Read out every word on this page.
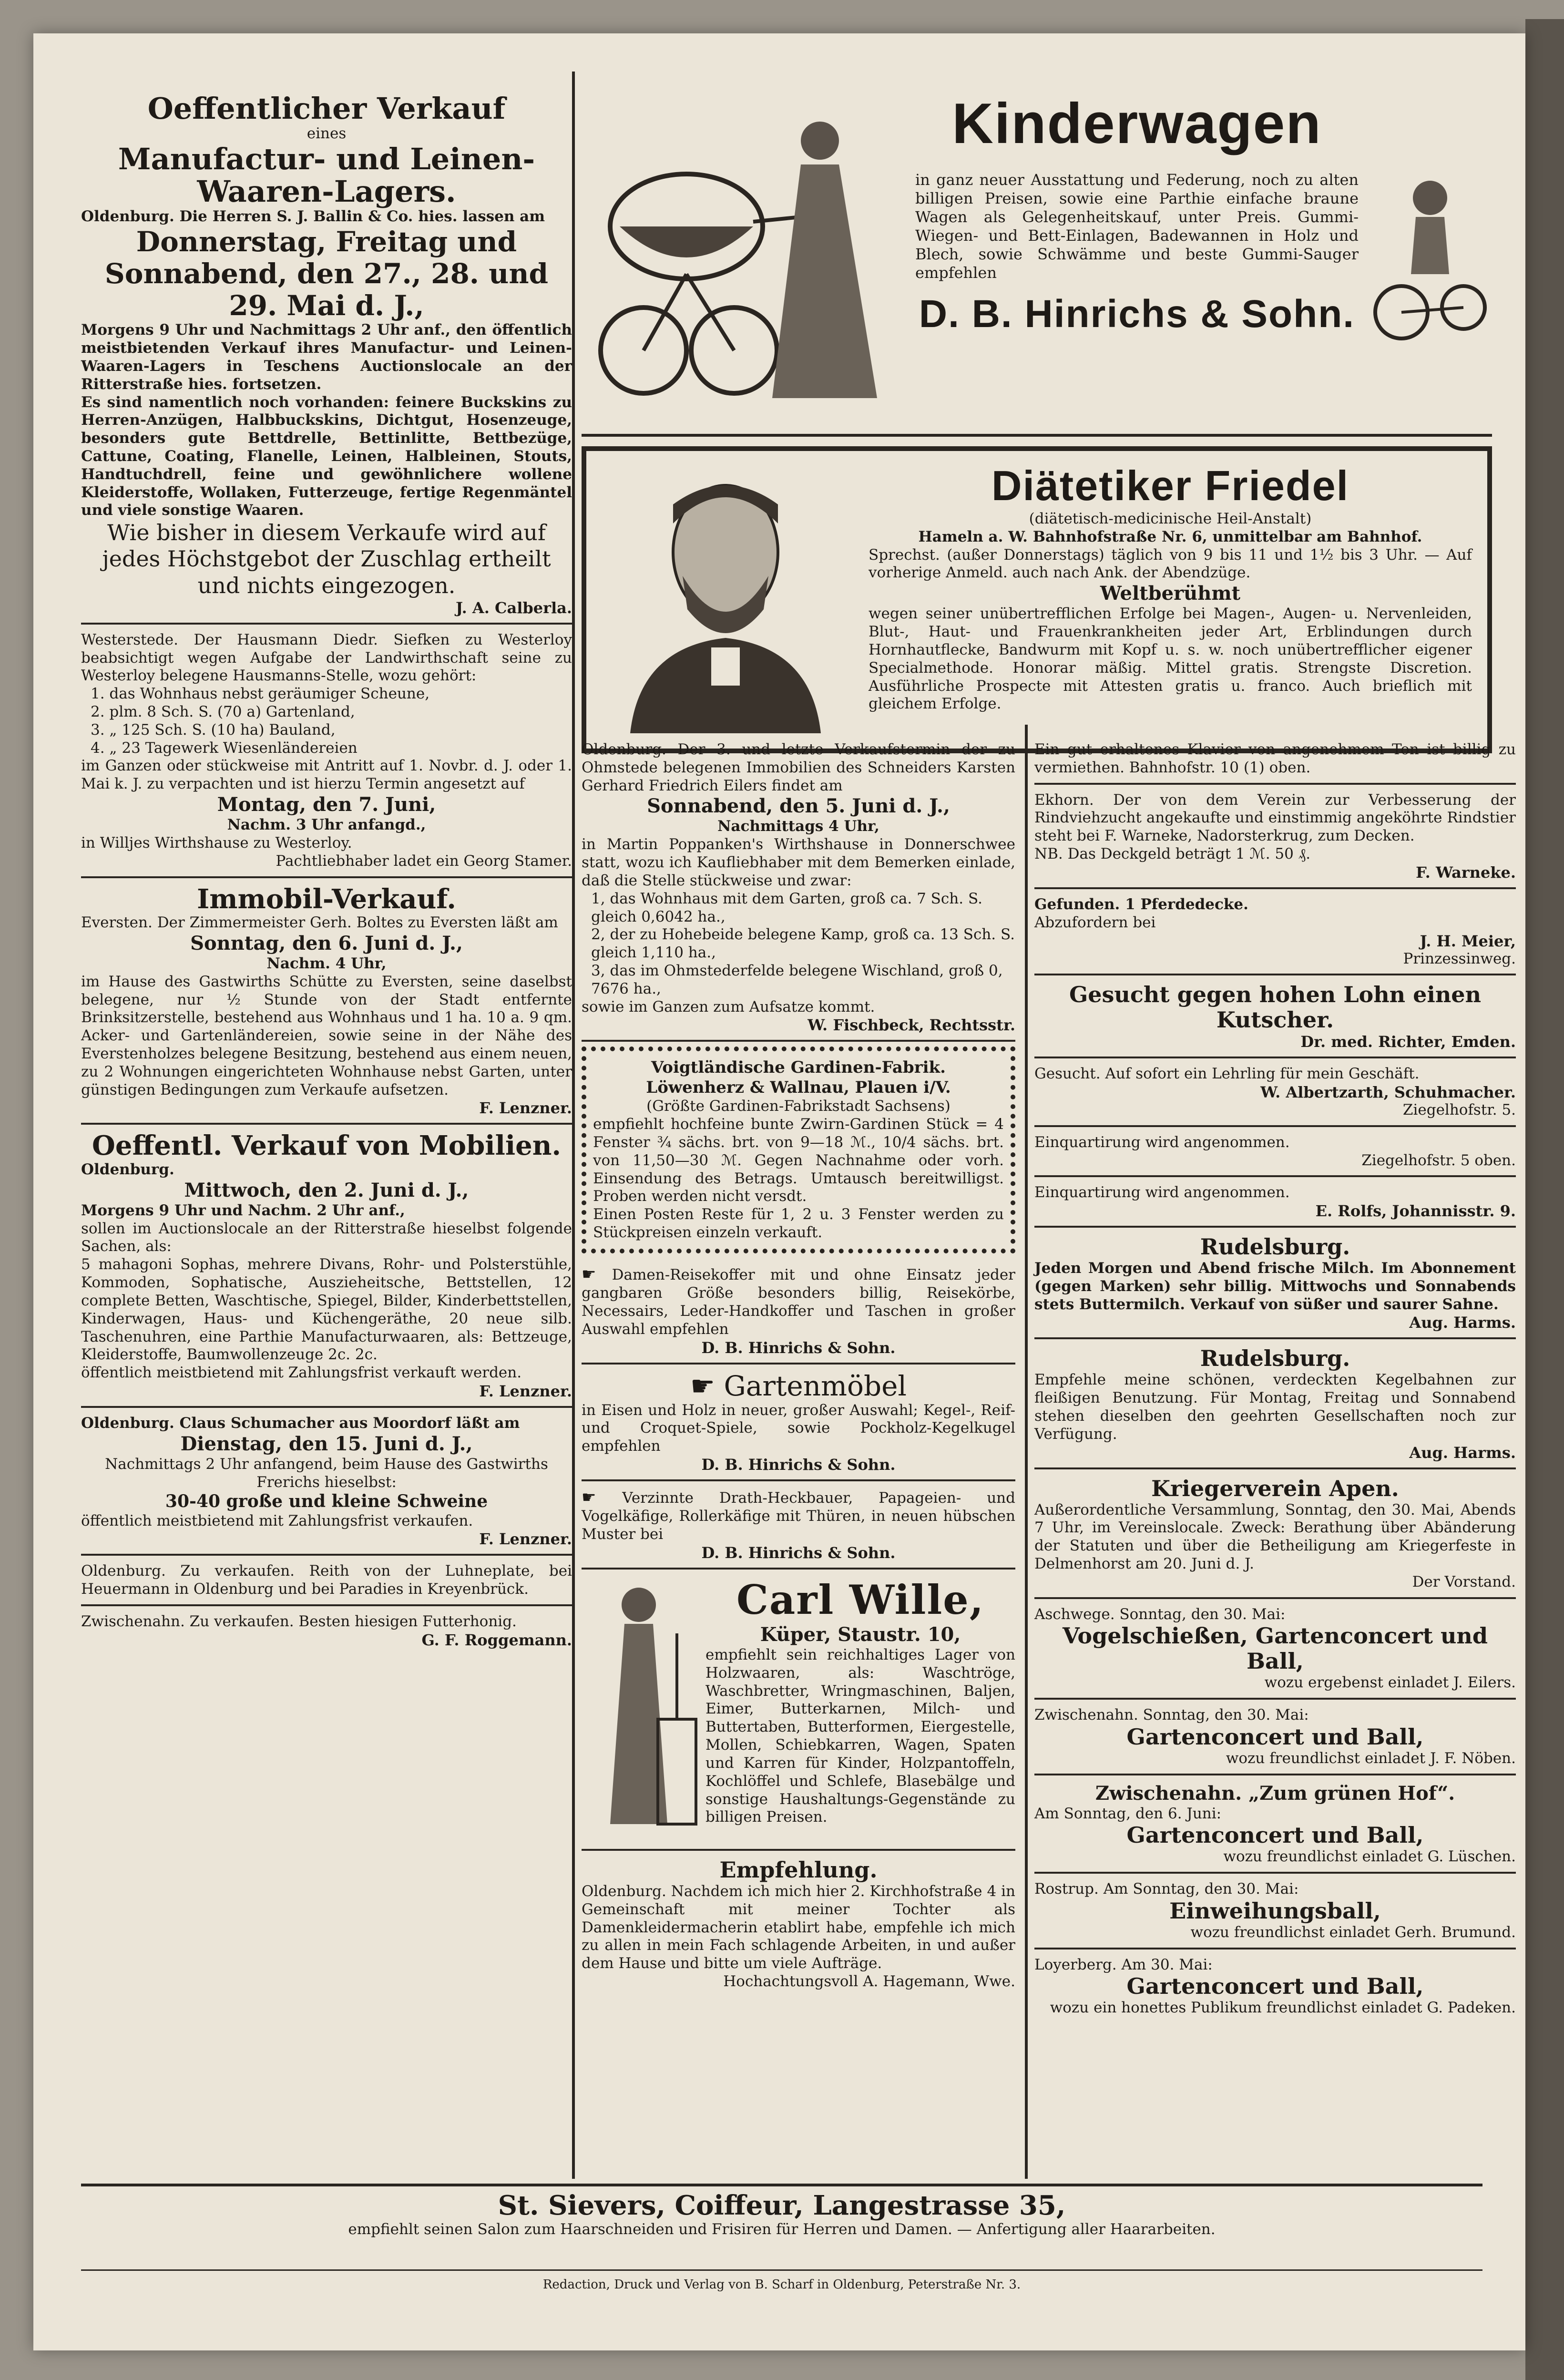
Oeffentlicher Verkauf
eines
Manufactur- und Leinen-Waaren-Lagers.
Oldenburg. Die Herren S. J. Ballin & Co. hies. lassen am
Donnerstag, Freitag und Sonnabend, den 27., 28. und 29. Mai d. J.,
Morgens 9 Uhr und Nachmittags 2 Uhr anf., den öffentlich meistbietenden Verkauf ihres Manufactur- und Leinen-Waaren-Lagers in Teschens Auctionslocale an der Ritterstraße hies. fortsetzen.
Es sind namentlich noch vorhanden: feinere Buckskins zu Herren-Anzügen, Halbbuckskins, Dichtgut, Hosenzeuge, besonders gute Bettdrelle, Bettinlitte, Bettbezüge, Cattune, Coating, Flanelle, Leinen, Halbleinen, Stouts, Handtuchdrell, feine und gewöhnlichere wollene Kleiderstoffe, Wollaken, Futterzeuge, fertige Regenmäntel und viele sonstige Waaren.
Wie bisher in diesem Verkaufe wird auf jedes Höchstgebot der Zuschlag ertheilt und nichts eingezogen.
J. A. Calberla.
Westerstede. Der Hausmann Diedr. Siefken zu Westerloy beabsichtigt wegen Aufgabe der Landwirthschaft seine zu Westerloy belegene Hausmanns-Stelle, wozu gehört:
1. das Wohnhaus nebst geräumiger Scheune,
2. plm. 8 Sch. S. (70 a) Gartenland,
3. „ 125 Sch. S. (10 ha) Bauland,
4. „ 23 Tagewerk Wiesenländereien
im Ganzen oder stückweise mit Antritt auf 1. Novbr. d. J. oder 1. Mai k. J. zu verpachten und ist hierzu Termin angesetzt auf
Montag, den 7. Juni,
Nachm. 3 Uhr anfangd.,
in Willjes Wirthshause zu Westerloy.
Pachtliebhaber ladet ein Georg Stamer.
Immobil-Verkauf.
Eversten. Der Zimmermeister Gerh. Boltes zu Eversten läßt am
Sonntag, den 6. Juni d. J.,
Nachm. 4 Uhr,
im Hause des Gastwirths Schütte zu Eversten, seine daselbst belegene, nur ½ Stunde von der Stadt entfernte Brinksitzerstelle, bestehend aus Wohnhaus und 1 ha. 10 a. 9 qm. Acker- und Gartenländereien, sowie seine in der Nähe des Everstenholzes belegene Besitzung, bestehend aus einem neuen, zu 2 Wohnungen eingerichteten Wohnhause nebst Garten, unter günstigen Bedingungen zum Verkaufe aufsetzen.
F. Lenzner.
Oeffentl. Verkauf von Mobilien.
Oldenburg.
Mittwoch, den 2. Juni d. J.,
Morgens 9 Uhr und Nachm. 2 Uhr anf.,
sollen im Auctionslocale an der Ritterstraße hieselbst folgende Sachen, als:
5 mahagoni Sophas, mehrere Divans, Rohr- und Polsterstühle, Kommoden, Sophatische, Auszieheitsche, Bettstellen, 12 complete Betten, Waschtische, Spiegel, Bilder, Kinderbettstellen, Kinderwagen, Haus- und Küchengeräthe, 20 neue silb. Taschenuhren, eine Parthie Manufacturwaaren, als: Bettzeuge, Kleiderstoffe, Baumwollenzeuge 2c. 2c.
öffentlich meistbietend mit Zahlungsfrist verkauft werden.
F. Lenzner.
Oldenburg. Claus Schumacher aus Moordorf läßt am
Dienstag, den 15. Juni d. J.,
Nachmittags 2 Uhr anfangend, beim Hause des Gastwirths Frerichs hieselbst:
30-40 große und kleine Schweine
öffentlich meistbietend mit Zahlungsfrist verkaufen.
F. Lenzner.
Oldenburg. Zu verkaufen. Reith von der Luhneplate, bei Heuermann in Oldenburg und bei Paradies in Kreyenbrück.
Zwischenahn. Zu verkaufen. Besten hiesigen Futterhonig.
G. F. Roggemann.
Kinderwagen
in ganz neuer Ausstattung und Federung, noch zu alten billigen Preisen, sowie eine Parthie einfache braune Wagen als Gelegenheitskauf, unter Preis. Gummi-Wiegen- und Bett-Einlagen, Badewannen in Holz und Blech, sowie Schwämme und beste Gummi-Sauger empfehlen
D. B. Hinrichs & Sohn.
Diätetiker Friedel
(diätetisch-medicinische Heil-Anstalt)
Hameln a. W. Bahnhofstraße Nr. 6, unmittelbar am Bahnhof.
Sprechst. (außer Donnerstags) täglich von 9 bis 11 und 1½ bis 3 Uhr. — Auf vorherige Anmeld. auch nach Ank. der Abendzüge.
Weltberühmt
wegen seiner unübertrefflichen Erfolge bei Magen-, Augen- u. Nervenleiden, Blut-, Haut- und Frauenkrankheiten jeder Art, Erblindungen durch Hornhautflecke, Bandwurm mit Kopf u. s. w. noch unübertrefflicher eigener Specialmethode. Honorar mäßig. Mittel gratis. Strengste Discretion. Ausführliche Prospecte mit Attesten gratis u. franco. Auch brieflich mit gleichem Erfolge.
Oldenburg. Der 3. und letzte Verkaufstermin der zu Ohmstede belegenen Immobilien des Schneiders Karsten Gerhard Friedrich Eilers findet am
Sonnabend, den 5. Juni d. J.,
Nachmittags 4 Uhr,
in Martin Poppanken's Wirthshause in Donnerschwee statt, wozu ich Kaufliebhaber mit dem Bemerken einlade, daß die Stelle stückweise und zwar:
1, das Wohnhaus mit dem Garten, groß ca. 7 Sch. S. gleich 0,6042 ha.,
2, der zu Hohebeide belegene Kamp, groß ca. 13 Sch. S. gleich 1,110 ha.,
3, das im Ohmstederfelde belegene Wischland, groß 0, 7676 ha.,
sowie im Ganzen zum Aufsatze kommt.
W. Fischbeck, Rechtsstr.
Voigtländische Gardinen-Fabrik.
Löwenherz & Wallnau, Plauen i/V.
(Größte Gardinen-Fabrikstadt Sachsens)
empfiehlt hochfeine bunte Zwirn-Gardinen Stück = 4 Fenster ¾ sächs. brt. von 9—18 ℳ., 10/4 sächs. brt. von 11,50—30 ℳ. Gegen Nachnahme oder vorh. Einsendung des Betrags. Umtausch bereitwilligst. Proben werden nicht versdt.
Einen Posten Reste für 1, 2 u. 3 Fenster werden zu Stückpreisen einzeln verkauft.
☛ Damen-Reisekoffer mit und ohne Einsatz jeder gangbaren Größe besonders billig, Reisekörbe, Necessairs, Leder-Handkoffer und Taschen in großer Auswahl empfehlen
D. B. Hinrichs & Sohn.
☛ Gartenmöbel
in Eisen und Holz in neuer, großer Auswahl; Kegel-, Reif- und Croquet-Spiele, sowie Pockholz-Kegelkugel empfehlen
D. B. Hinrichs & Sohn.
☛ Verzinnte Drath-Heckbauer, Papageien- und Vogelkäfige, Rollerkäfige mit Thüren, in neuen hübschen Muster bei
D. B. Hinrichs & Sohn.
Carl Wille,
Küper, Staustr. 10,
empfiehlt sein reichhaltiges Lager von Holzwaaren, als: Waschtröge, Waschbretter, Wringmaschinen, Baljen, Eimer, Butterkarnen, Milch- und Buttertaben, Butterformen, Eiergestelle, Mollen, Schiebkarren, Wagen, Spaten und Karren für Kinder, Holzpantoffeln, Kochlöffel und Schlefe, Blasebälge und sonstige Haushaltungs-Gegenstände zu billigen Preisen.
Empfehlung.
Oldenburg. Nachdem ich mich hier 2. Kirchhofstraße 4 in Gemeinschaft mit meiner Tochter als Damenkleidermacherin etablirt habe, empfehle ich mich zu allen in mein Fach schlagende Arbeiten, in und außer dem Hause und bitte um viele Aufträge.
Hochachtungsvoll A. Hagemann, Wwe.
Ein gut erhaltenes Klavier von angenehmem Ton ist billig zu vermiethen. Bahnhofstr. 10 (1) oben.
Ekhorn. Der von dem Verein zur Verbesserung der Rindviehzucht angekaufte und einstimmig angeköhrte Rindstier steht bei F. Warneke, Nadorsterkrug, zum Decken.
NB. Das Deckgeld beträgt 1 ℳ. 50 ₰.
F. Warneke.
Gefunden. 1 Pferdedecke.
Abzufordern bei
J. H. Meier,
Prinzessinweg.
Gesucht gegen hohen Lohn einen Kutscher.
Dr. med. Richter, Emden.
Gesucht. Auf sofort ein Lehrling für mein Geschäft.
W. Albertzarth, Schuhmacher.
Ziegelhofstr. 5.
Einquartirung wird angenommen.
Ziegelhofstr. 5 oben.
Einquartirung wird angenommen.
E. Rolfs, Johannisstr. 9.
Rudelsburg.
Jeden Morgen und Abend frische Milch. Im Abonnement (gegen Marken) sehr billig. Mittwochs und Sonnabends stets Buttermilch. Verkauf von süßer und saurer Sahne.
Aug. Harms.
Rudelsburg.
Empfehle meine schönen, verdeckten Kegelbahnen zur fleißigen Benutzung. Für Montag, Freitag und Sonnabend stehen dieselben den geehrten Gesellschaften noch zur Verfügung.
Aug. Harms.
Kriegerverein Apen.
Außerordentliche Versammlung, Sonntag, den 30. Mai, Abends 7 Uhr, im Vereinslocale. Zweck: Berathung über Abänderung der Statuten und über die Betheiligung am Kriegerfeste in Delmenhorst am 20. Juni d. J.
Der Vorstand.
Aschwege. Sonntag, den 30. Mai:
Vogelschießen, Gartenconcert und Ball,
wozu ergebenst einladet J. Eilers.
Zwischenahn. Sonntag, den 30. Mai:
Gartenconcert und Ball,
wozu freundlichst einladet J. F. Nöben.
Zwischenahn. „Zum grünen Hof“.
Am Sonntag, den 6. Juni:
Gartenconcert und Ball,
wozu freundlichst einladet G. Lüschen.
Rostrup. Am Sonntag, den 30. Mai:
Einweihungsball,
wozu freundlichst einladet Gerh. Brumund.
Loyerberg. Am 30. Mai:
Gartenconcert und Ball,
wozu ein honettes Publikum freundlichst einladet G. Padeken.
St. Sievers, Coiffeur, Langestrasse 35,
empfiehlt seinen Salon zum Haarschneiden und Frisiren für Herren und Damen. — Anfertigung aller Haararbeiten.
Redaction, Druck und Verlag von B. Scharf in Oldenburg, Peterstraße Nr. 3.
